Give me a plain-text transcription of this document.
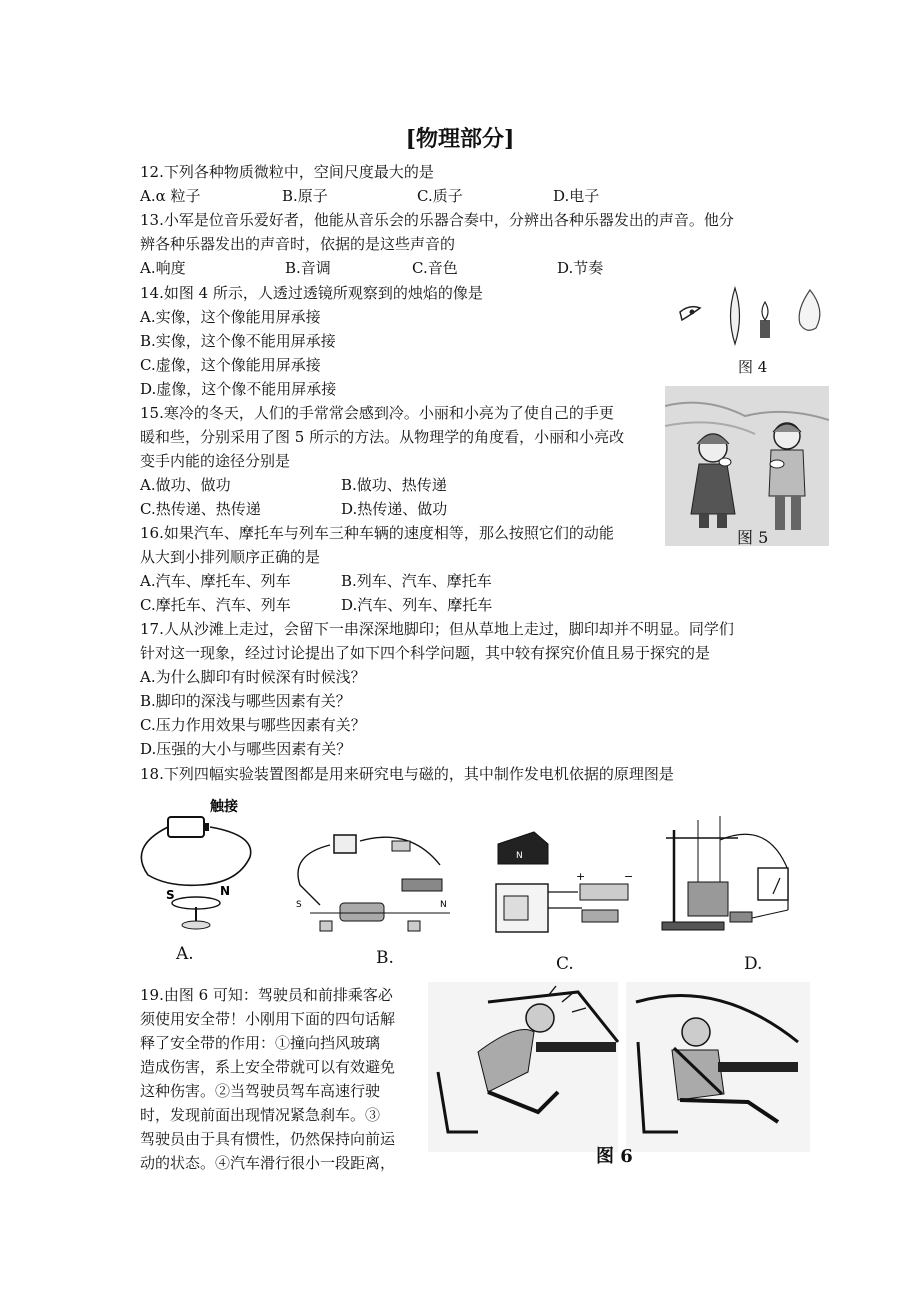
[物理部分]
12.下列各种物质微粒中，空间尺度最大的是
A.α 粒子	B.原子	C.质子	D.电子
13.小军是位音乐爱好者，他能从音乐会的乐器合奏中，分辨出各种乐器发出的声音。他分
辨各种乐器发出的声音时，依据的是这些声音的
A.响度	B.音调	C.音色	D.节奏
14.如图 4 所示，人透过透镜所观察到的烛焰的像是
A.实像，这个像能用屏承接
B.实像，这个像不能用屏承接
C.虚像，这个像能用屏承接
D.虚像，这个像不能用屏承接
图 4
15.寒冷的冬天，人们的手常常会感到冷。小丽和小亮为了使自己的手更
暖和些，分别采用了图 5 所示的方法。从物理学的角度看，小丽和小亮改
变手内能的途径分别是
A.做功、做功	B.做功、热传递
C.热传递、热传递	D.热传递、做功
图 5
16.如果汽车、摩托车与列车三种车辆的速度相等，那么按照它们的动能
从大到小排列顺序正确的是
A.汽车、摩托车、列车	B.列车、汽车、摩托车
C.摩托车、汽车、列车	D.汽车、列车、摩托车
17.人从沙滩上走过，会留下一串深深地脚印；但从草地上走过，脚印却并不明显。同学们
针对这一现象，经过讨论提出了如下四个科学问题，其中较有探究价值且易于探究的是
A.为什么脚印有时候深有时候浅？
B.脚印的深浅与哪些因素有关？
C.压力作用效果与哪些因素有关？
D.压强的大小与哪些因素有关？
18.下列四幅实验装置图都是用来研究电与磁的，其中制作发电机依据的原理图是
触接
S	N
A.
S	N
B.
N
+	−
C.	D.
19.由图 6 可知：驾驶员和前排乘客必
须使用安全带！小刚用下面的四句话解
释了安全带的作用：①撞向挡风玻璃
造成伤害，系上安全带就可以有效避免
这种伤害。②当驾驶员驾车高速行驶
时，发现前面出现情况紧急刹车。③
驾驶员由于具有惯性，仍然保持向前运
动的状态。④汽车滑行很小一段距离，	图 6
